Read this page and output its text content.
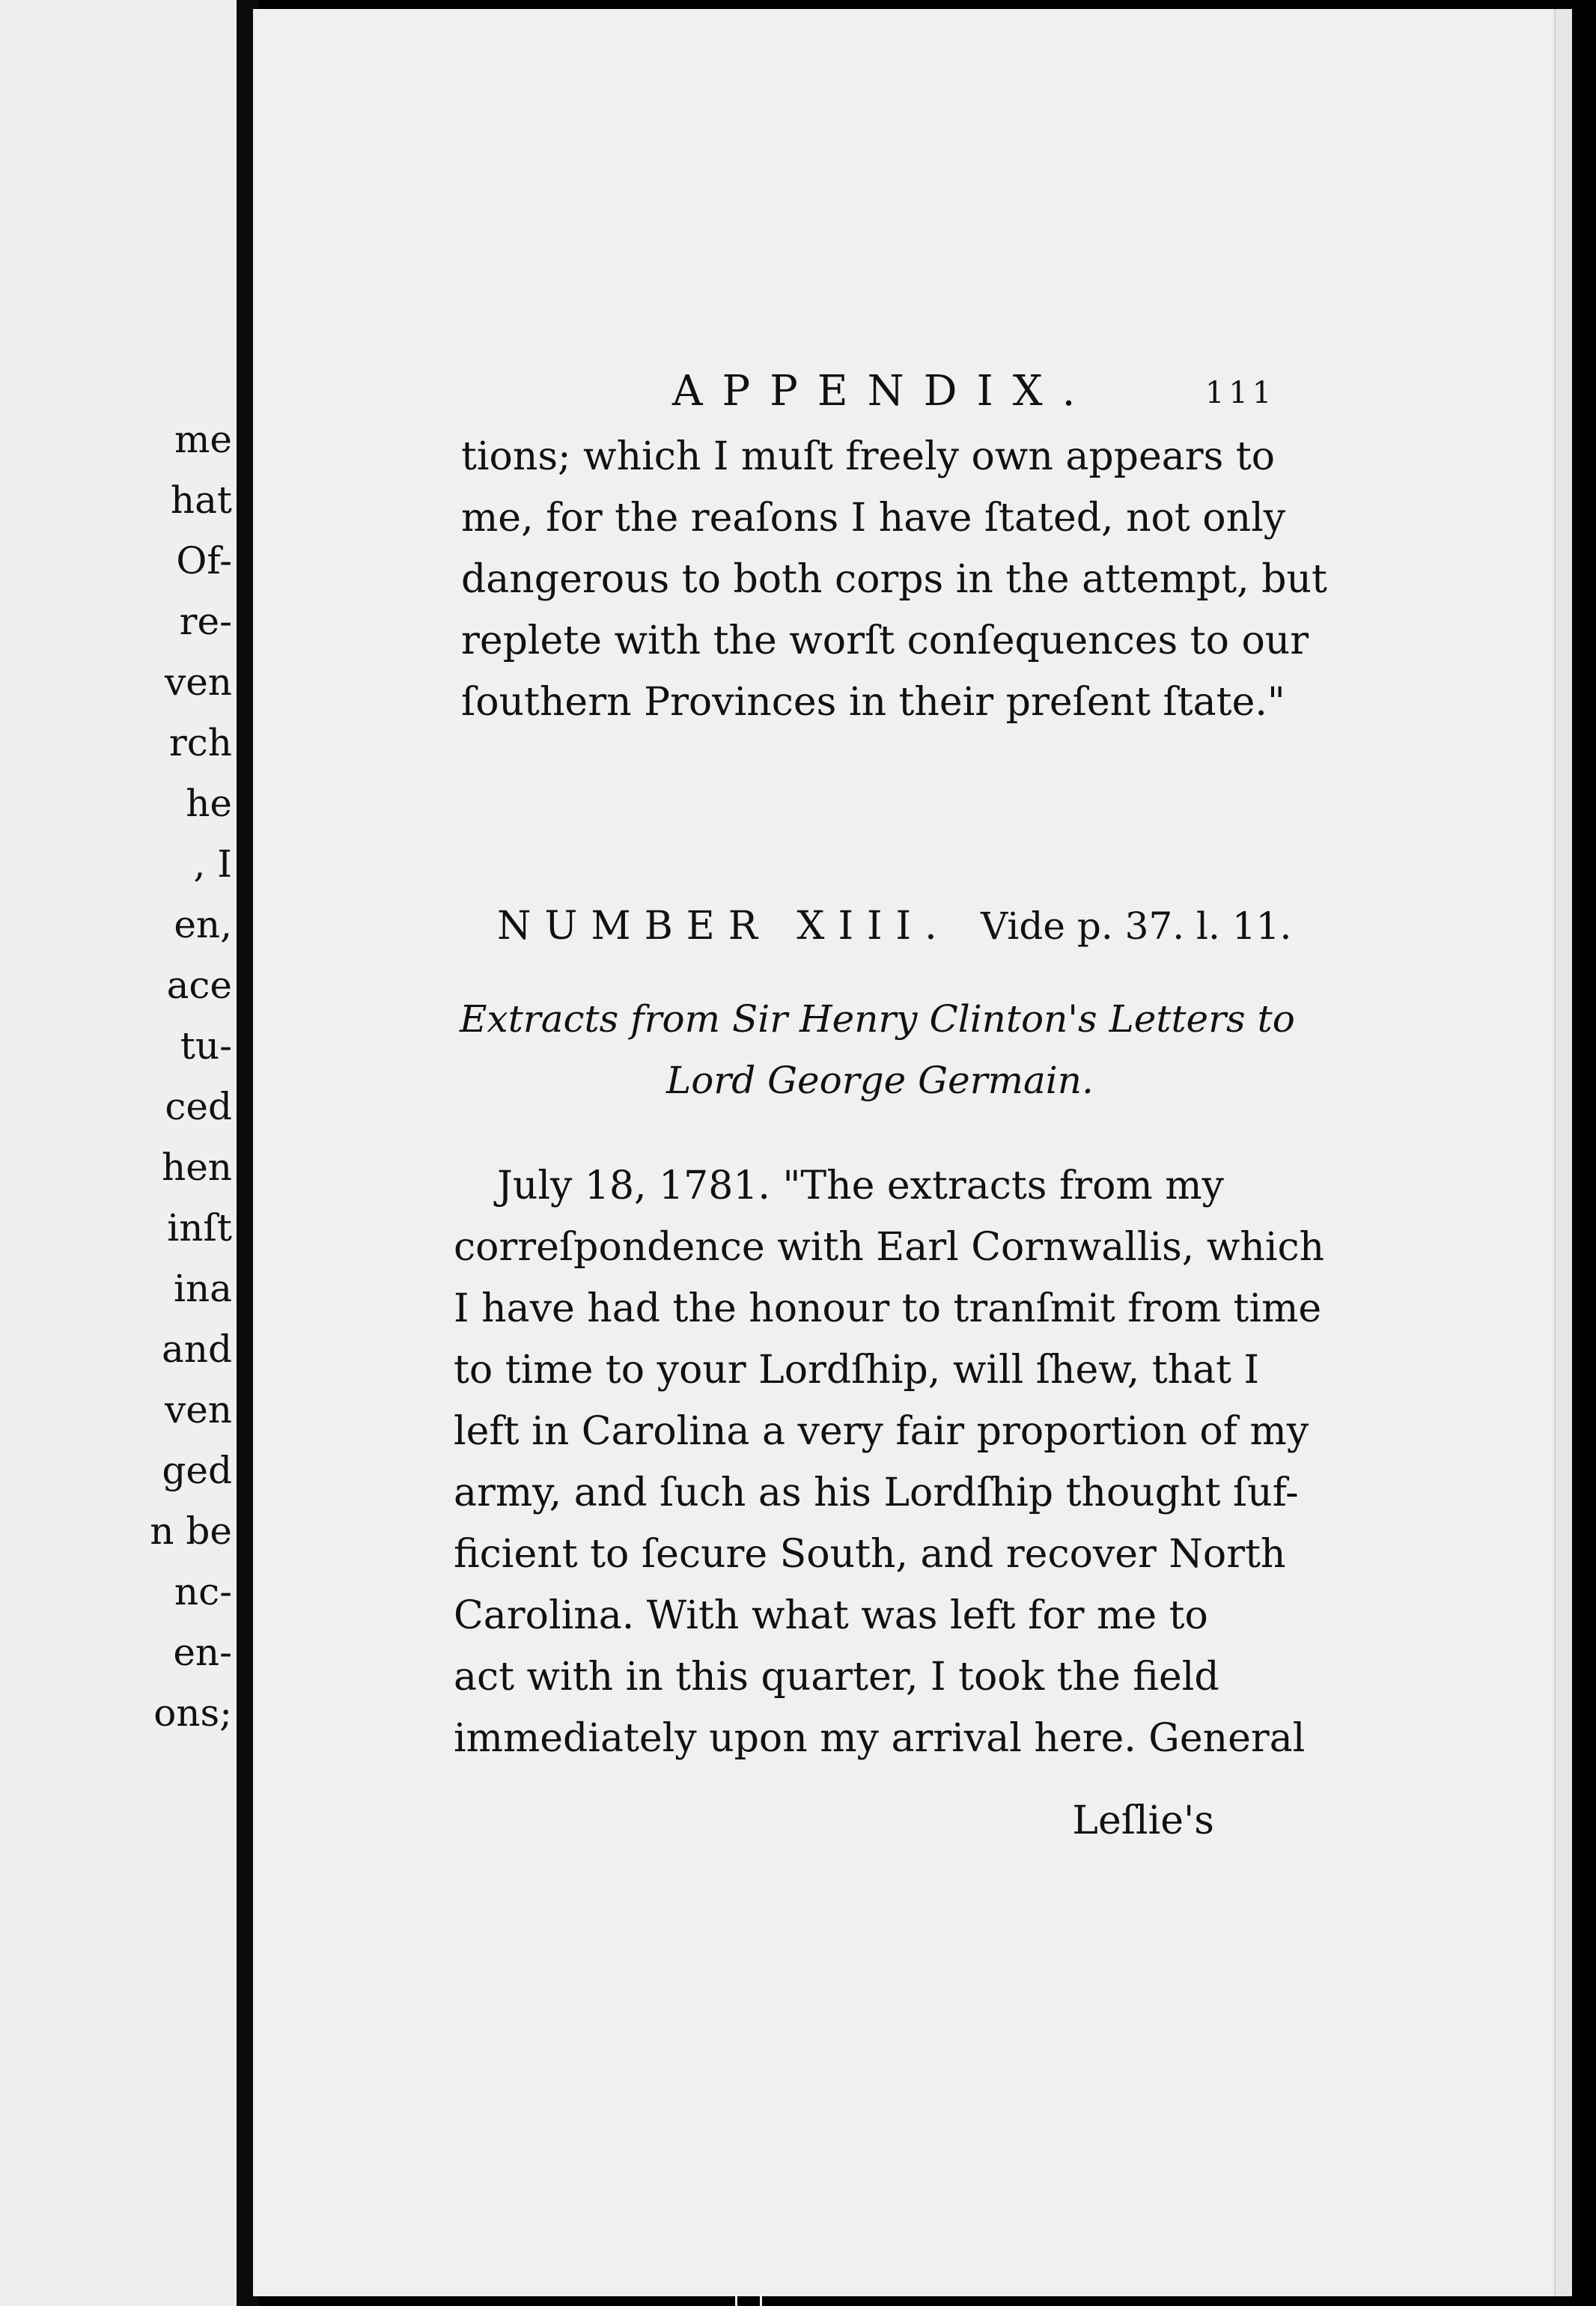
me
hat
Of-
re-
ven
rch
he
, I
en,
ace
tu-
ced
hen
inſt
ina
and
ven
ged
n be
nc-
en-
ons;
APPENDIX.	111
tions; which I muſt freely own appears to
me, for the reaſons I have ſtated, not only
dangerous to both corps in the attempt, but
replete with the worſt conſequences to our
ſouthern Provinces in their preſent ſtate."
NUMBER XIII. Vide p. 37. l. 11.
Extracts from Sir Henry Clinton's Letters to
Lord George Germain.
July 18, 1781. "The extracts from my
correſpondence with Earl Cornwallis, which
I have had the honour to tranſmit from time
to time to your Lordſhip, will ſhew, that I
left in Carolina a very fair proportion of my
army, and ſuch as his Lordſhip thought ſuf-
ficient to ſecure South, and recover North
Carolina. With what was left for me to
act with in this quarter, I took the field
immediately upon my arrival here. General
Leſlie's
